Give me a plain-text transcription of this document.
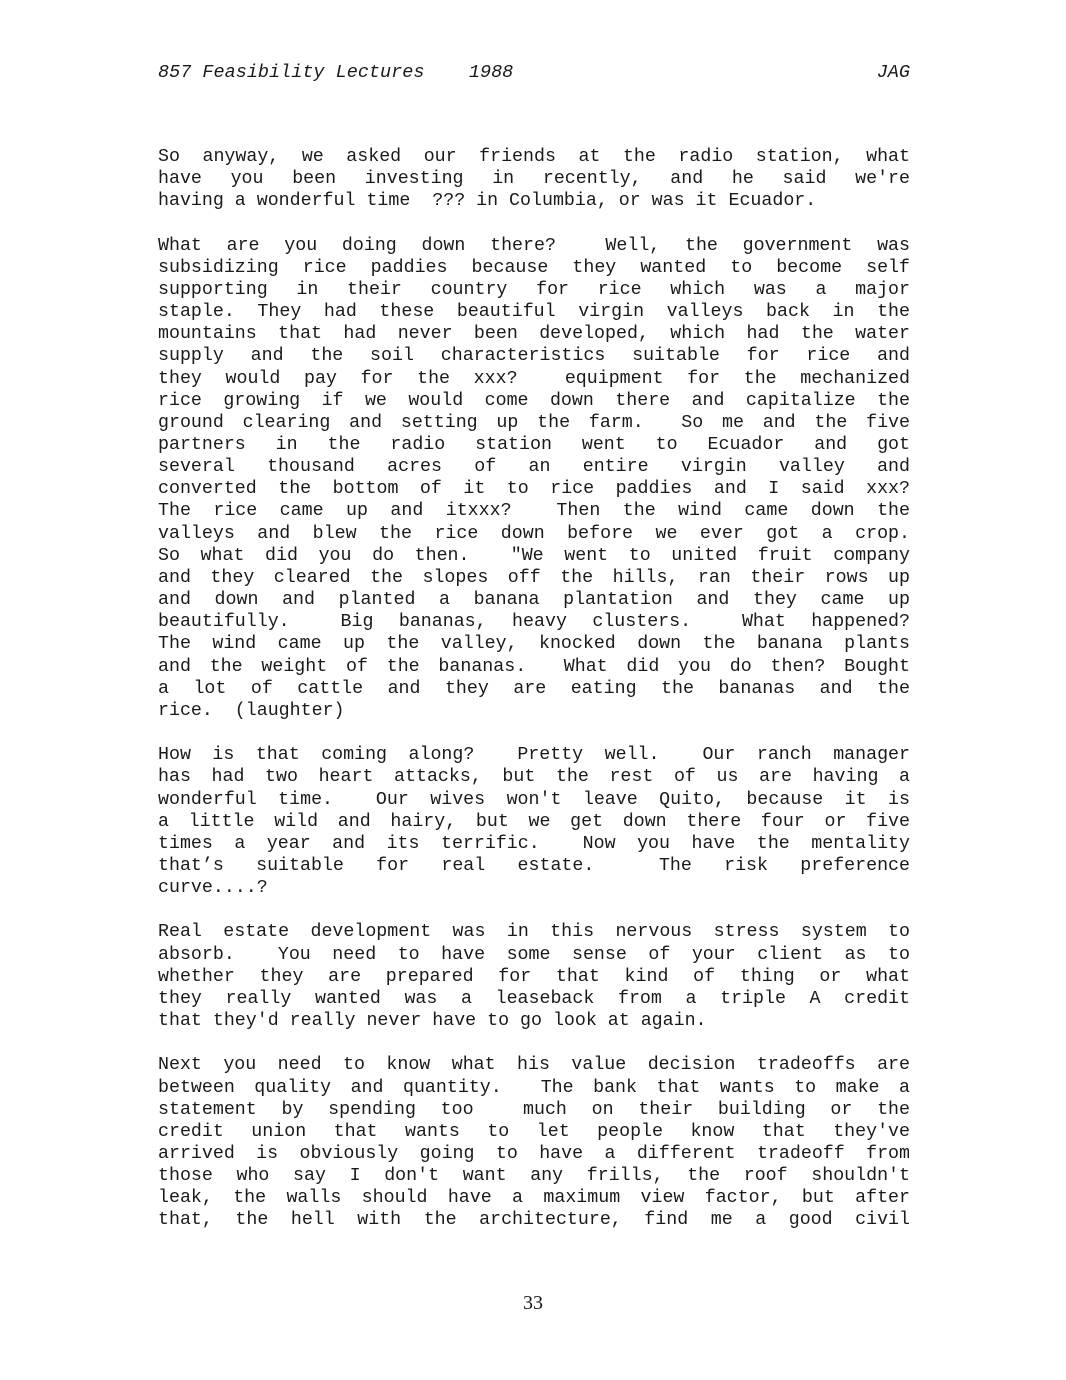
857 Feasibility Lectures 1988	JAG
So anyway, we asked our friends at the radio station, what
have you been investing in recently, and he said we're
having a wonderful time  ??? in Columbia, or was it Ecuador.
What are you doing down there?  Well, the government was
subsidizing rice paddies because they wanted to become self
supporting in their country for rice which was a major
staple. They had these beautiful virgin valleys back in the
mountains that had never been developed, which had the water
supply and the soil characteristics suitable for rice and
they would pay for the xxx?  equipment for the mechanized
rice growing if we would come down there and capitalize the
ground clearing and setting up the farm.  So me and the five
partners in the radio station went to Ecuador and got
several thousand acres of an entire virgin valley and
converted the bottom of it to rice paddies and I said xxx?
The rice came up and itxxx?  Then the wind came down the
valleys and blew the rice down before we ever got a crop.
So what did you do then.  "We went to united fruit company
and they cleared the slopes off the hills, ran their rows up
and down and planted a banana plantation and they came up
beautifully.  Big bananas, heavy clusters.  What happened?
The wind came up the valley, knocked down the banana plants
and the weight of the bananas.  What did you do then? Bought
a lot of cattle and they are eating the bananas and the
rice.  (laughter)
How is that coming along?  Pretty well.  Our ranch manager
has had two heart attacks, but the rest of us are having a
wonderful time.  Our wives won't leave Quito, because it is
a little wild and hairy, but we get down there four or five
times a year and its terrific.  Now you have the mentality
that’s suitable for real estate.  The risk preference
curve....?
Real estate development was in this nervous stress system to
absorb.  You need to have some sense of your client as to
whether they are prepared for that kind of thing or what
they really wanted was a leaseback from a triple A credit
that they'd really never have to go look at again.
Next you need to know what his value decision tradeoffs are
between quality and quantity.  The bank that wants to make a
statement by spending too  much on their building or the
credit union that wants to let people know that they've
arrived is obviously going to have a different tradeoff from
those who say I don't want any frills, the roof shouldn't
leak, the walls should have a maximum view factor, but after
that, the hell with the architecture, find me a good civil
33
